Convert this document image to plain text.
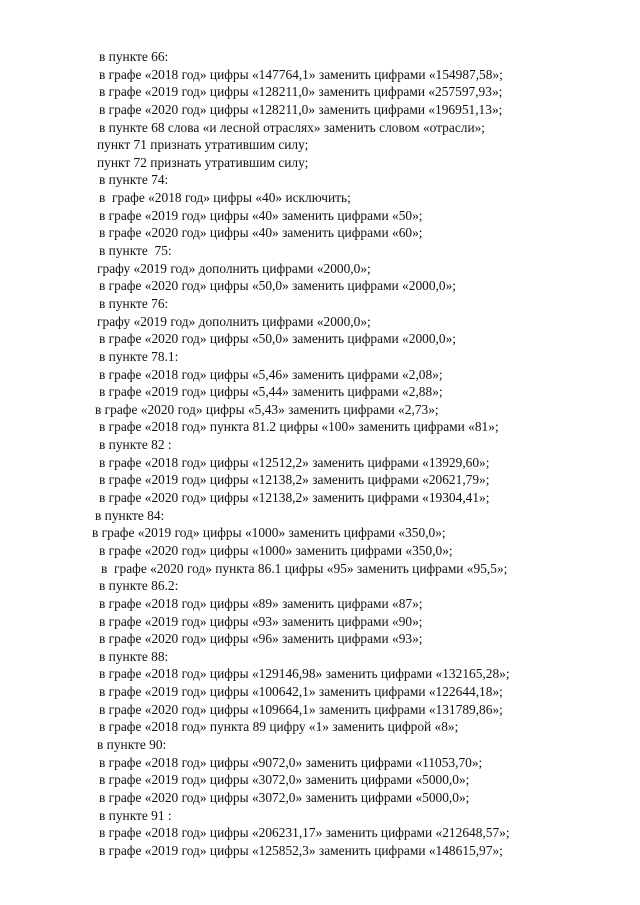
в пункте 66:
в графе «2018 год» цифры «147764,1» заменить цифрами «154987,58»;
в графе «2019 год» цифры «128211,0» заменить цифрами «257597,93»;
в графе «2020 год» цифры «128211,0» заменить цифрами «196951,13»;
в пункте 68 слова «и лесной отраслях» заменить словом «отрасли»;
пункт 71 признать утратившим силу;
пункт 72 признать утратившим силу;
в пункте 74:
в  графе «2018 год» цифры «40» исключить;
в графе «2019 год» цифры «40» заменить цифрами «50»;
в графе «2020 год» цифры «40» заменить цифрами «60»;
в пункте  75:
графу «2019 год» дополнить цифрами «2000,0»;
в графе «2020 год» цифры «50,0» заменить цифрами «2000,0»;
в пункте 76:
графу «2019 год» дополнить цифрами «2000,0»;
в графе «2020 год» цифры «50,0» заменить цифрами «2000,0»;
в пункте 78.1:
в графе «2018 год» цифры «5,46» заменить цифрами «2,08»;
в графе «2019 год» цифры «5,44» заменить цифрами «2,88»;
в графе «2020 год» цифры «5,43» заменить цифрами «2,73»;
в графе «2018 год» пункта 81.2 цифры «100» заменить цифрами «81»;
в пункте 82 :
в графе «2018 год» цифры «12512,2» заменить цифрами «13929,60»;
в графе «2019 год» цифры «12138,2» заменить цифрами «20621,79»;
в графе «2020 год» цифры «12138,2» заменить цифрами «19304,41»;
в пункте 84:
в графе «2019 год» цифры «1000» заменить цифрами «350,0»;
в графе «2020 год» цифры «1000» заменить цифрами «350,0»;
в  графе «2020 год» пункта 86.1 цифры «95» заменить цифрами «95,5»;
в пункте 86.2:
в графе «2018 год» цифры «89» заменить цифрами «87»;
в графе «2019 год» цифры «93» заменить цифрами «90»;
в графе «2020 год» цифры «96» заменить цифрами «93»;
в пункте 88:
в графе «2018 год» цифры «129146,98» заменить цифрами «132165,28»;
в графе «2019 год» цифры «100642,1» заменить цифрами «122644,18»;
в графе «2020 год» цифры «109664,1» заменить цифрами «131789,86»;
в графе «2018 год» пункта 89 цифру «1» заменить цифрой «8»;
в пункте 90:
в графе «2018 год» цифры «9072,0» заменить цифрами «11053,70»;
в графе «2019 год» цифры «3072,0» заменить цифрами «5000,0»;
в графе «2020 год» цифры «3072,0» заменить цифрами «5000,0»;
в пункте 91 :
в графе «2018 год» цифры «206231,17» заменить цифрами «212648,57»;
в графе «2019 год» цифры «125852,3» заменить цифрами «148615,97»;
